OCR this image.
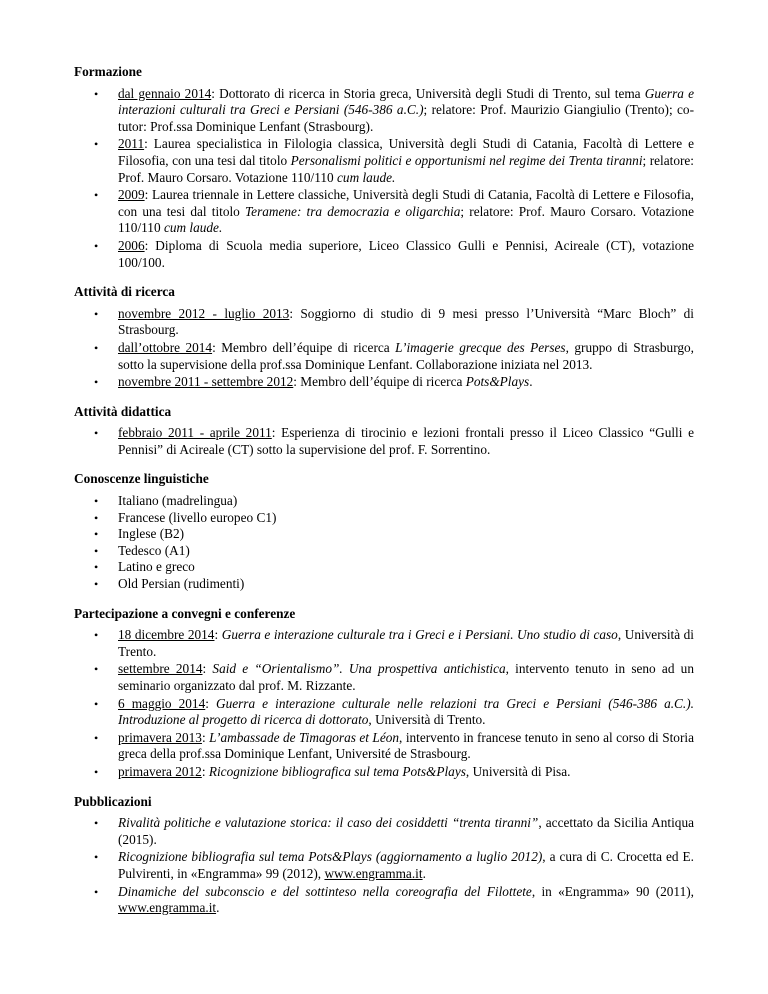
Formazione
• dal gennaio 2014: Dottorato di ricerca in Storia greca, Università degli Studi di Trento, sul tema Guerra e interazioni culturali tra Greci e Persiani (546-386 a.C.); relatore: Prof. Maurizio Giangiulio (Trento); co-tutor: Prof.ssa Dominique Lenfant (Strasbourg).
• 2011: Laurea specialistica in Filologia classica, Università degli Studi di Catania, Facoltà di Lettere e Filosofia, con una tesi dal titolo Personalismi politici e opportunismi nel regime dei Trenta tiranni; relatore: Prof. Mauro Corsaro. Votazione 110/110 cum laude.
• 2009: Laurea triennale in Lettere classiche, Università degli Studi di Catania, Facoltà di Lettere e Filosofia, con una tesi dal titolo Teramene: tra democrazia e oligarchia; relatore: Prof. Mauro Corsaro. Votazione 110/110 cum laude.
• 2006: Diploma di Scuola media superiore, Liceo Classico Gulli e Pennisi, Acireale (CT), votazione 100/100.
Attività di ricerca
• novembre 2012 - luglio 2013: Soggiorno di studio di 9 mesi presso l’Università “Marc Bloch” di Strasbourg.
• dall’ottobre 2014: Membro dell’équipe di ricerca L’imagerie grecque des Perses, gruppo di Strasburgo, sotto la supervisione della prof.ssa Dominique Lenfant. Collaborazione iniziata nel 2013.
• novembre 2011 - settembre 2012: Membro dell’équipe di ricerca Pots&Plays.
Attività didattica
• febbraio 2011 - aprile 2011: Esperienza di tirocinio e lezioni frontali presso il Liceo Classico “Gulli e Pennisi” di Acireale (CT) sotto la supervisione del prof. F. Sorrentino.
Conoscenze linguistiche
• Italiano (madrelingua)
• Francese (livello europeo C1)
• Inglese (B2)
• Tedesco (A1)
• Latino e greco
• Old Persian (rudimenti)
Partecipazione a convegni e conferenze
• 18 dicembre 2014: Guerra e interazione culturale tra i Greci e i Persiani. Uno studio di caso, Università di Trento.
• settembre 2014: Said e “Orientalismo”. Una prospettiva antichistica, intervento tenuto in seno ad un seminario organizzato dal prof. M. Rizzante.
• 6 maggio 2014: Guerra e interazione culturale nelle relazioni tra Greci e Persiani (546-386 a.C.). Introduzione al progetto di ricerca di dottorato, Università di Trento.
• primavera 2013: L’ambassade de Timagoras et Léon, intervento in francese tenuto in seno al corso di Storia greca della prof.ssa Dominique Lenfant, Université de Strasbourg.
• primavera 2012: Ricognizione bibliografica sul tema Pots&Plays, Università di Pisa.
Pubblicazioni
• Rivalità politiche e valutazione storica: il caso dei cosiddetti “trenta tiranni”, accettato da Sicilia Antiqua (2015).
• Ricognizione bibliografia sul tema Pots&Plays (aggiornamento a luglio 2012), a cura di C. Crocetta ed E. Pulvirenti, in «Engramma» 99 (2012), www.engramma.it.
• Dinamiche del subconscio e del sottinteso nella coreografia del Filottete, in «Engramma» 90 (2011), www.engramma.it.
